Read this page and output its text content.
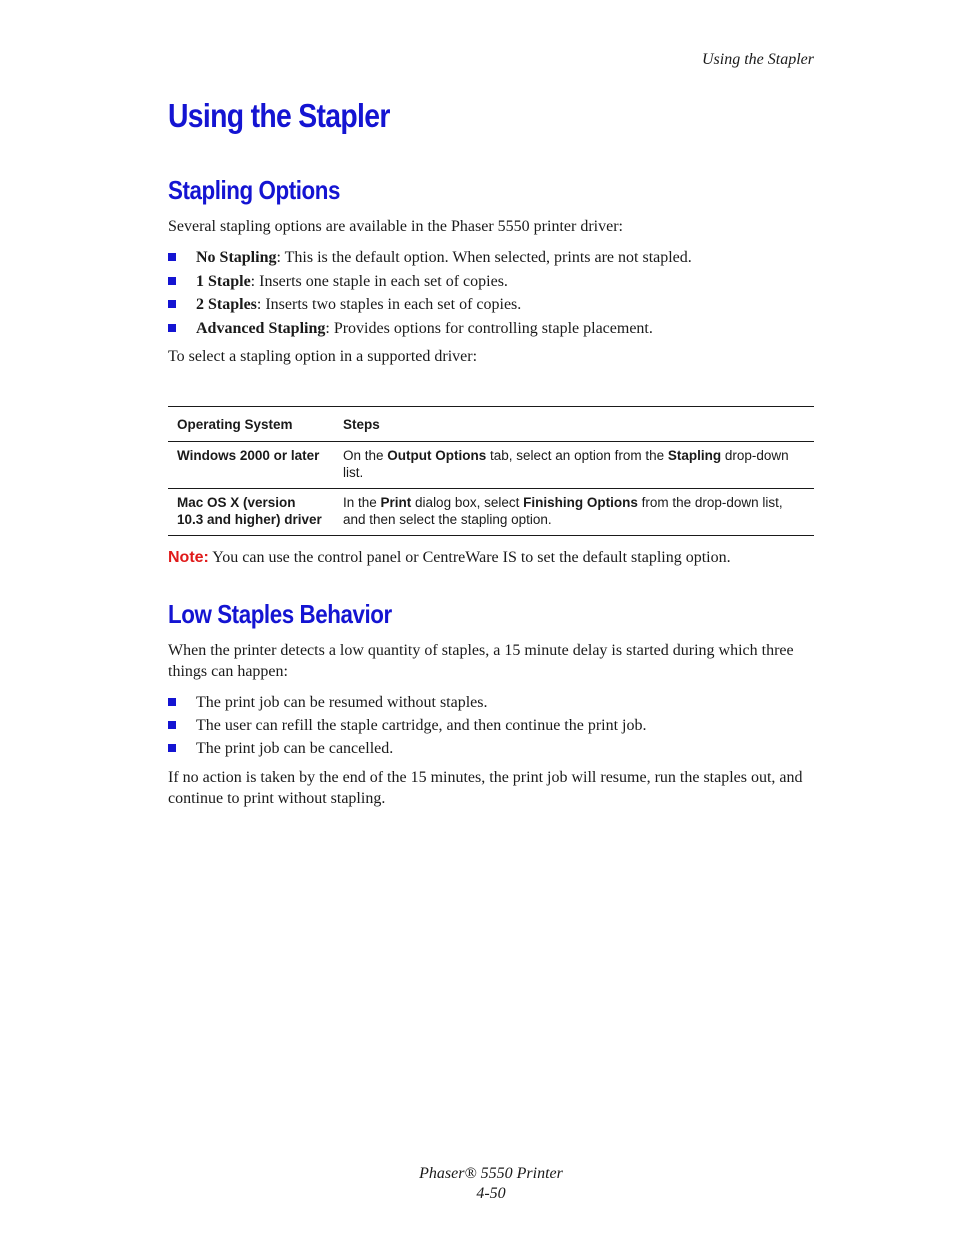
Using the Stapler
Using the Stapler
Stapling Options

Several stapling options are available in the Phaser 5550 printer driver:

No Stapling: This is the default option. When selected, prints are not stapled.
1 Staple: Inserts one staple in each set of copies.
2 Staples: Inserts two staples in each set of copies.
Advanced Stapling: Provides options for controlling staple placement.

To select a stapling option in a supported driver:

Operating System	Steps
Windows 2000 or later	On the Output Options tab, select an option from the Stapling drop-down list.
Mac OS X (version 10.3 and higher) driver	In the Print dialog box, select Finishing Options from the drop-down list, and then select the stapling option.
Note: You can use the control panel or CentreWare IS to set the default stapling option.
Low Staples Behavior

When the printer detects a low quantity of staples, a 15 minute delay is started during which three things can happen:

The print job can be resumed without staples.
The user can refill the staple cartridge, and then continue the print job.
The print job can be cancelled.

If no action is taken by the end of the 15 minutes, the print job will resume, run the staples out, and continue to print without stapling.

Phaser® 5550 Printer
4-50
